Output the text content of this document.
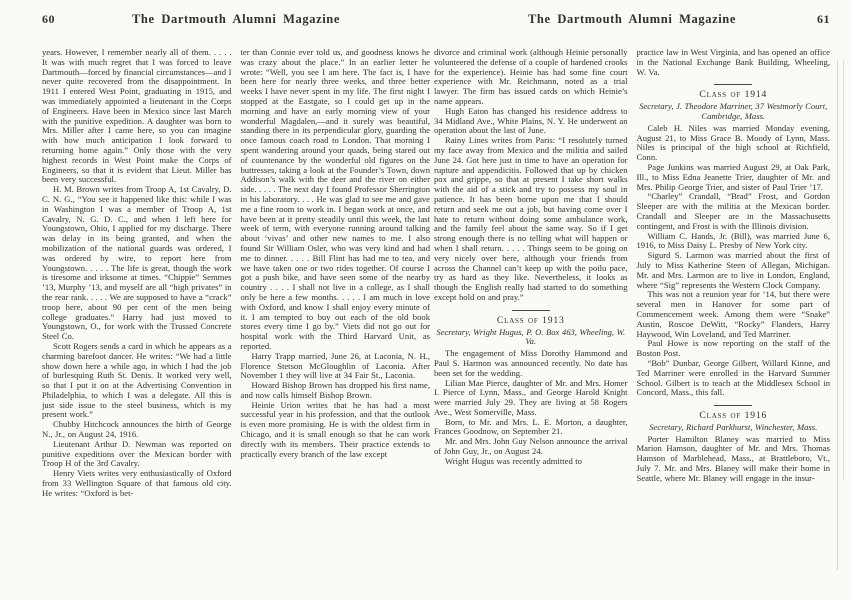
60	The Dartmouth Alumni Magazine

years. However, I remember nearly all of them. . . . . It was with much regret that I was forced to leave Dartmouth—forced by financial circumstances—and I never quite recovered from the disappointment. In 1911 I entered West Point, graduating in 1915, and was immediately appointed a lieutenant in the Corps of Engineers. Have been in Mexico since last March with the punitive expedition. A daughter was born to Mrs. Miller after I came here, so you can imagine with how much anticipation I look forward to returning home again.” Only those with the very highest records in West Point make the Corps of Engineers, so that it is evident that Lieut. Miller has been very successful.

H. M. Brown writes from Troop A, 1st Cavalry, D. C. N. G., “You see it happened like this: while I was in Washington I was a member of Troop A, 1st Cavalry, N. G. D. C., and when I left here for Youngstown, Ohio, I applied for my discharge. There was delay in its being granted, and when the mobilization of the national guards was ordered, I was ordered by wire, to report here from Youngstown. . . . . The life is great, though the work is tiresome and irksome at times. “Chippie” Semmes ’13, Murphy ’13, and myself are all “high privates” in the rear rank. . . . . We are supposed to have a “crack” troop here, about 90 per cent of the men being college graduates.” Harry had just moved to Youngstown, O., for work with the Trussed Concrete Steel Co.

Scott Rogers sends a card in which he appears as a charming barefoot dancer. He writes: “We had a little show down here a while ago, in which I had the job of burlesquing Ruth St. Denis. It worked very well, so that I put it on at the Advertising Convention in Philadelphia, to which I was a delegate. All this is just side issue to the steel business, which is my present work.”

Chubby Hitchcock announces the birth of George N., Jr., on August 24, 1916.

Lieutenant Arthur D. Newman was reported on punitive expeditions over the Mexican border with Troop H of the 3rd Cavalry.

Henry Viets writes very enthusiastically of Oxford from 33 Wellington Square of that famous old city. He writes: “Oxford is bet-

ter than Connie ever told us, and goodness knows he was crazy about the place.” In an earlier letter he wrote: “Well, you see I am here. The fact is, I have been here for nearly three weeks, and three better weeks I have never spent in my life. The first night I stopped at the Eastgate, so I could get up in the morning and have an early morning view of your wonderful Magdalen,—and it surely was beautiful, standing there in its perpendicular glory, guarding the once famous coach road to London. That morning I spent wandering around your quads, being stared out of countenance by the wonderful old figures on the buttresses, taking a look at the Founder’s Town, down Addison’s walk with the deer and the river on either side. . . . . The next day I found Professor Sherrington in his laboratory. . . . He was glad to see me and gave me a fine room to work in. I began work at once, and have been at it pretty steadily until this week, the last week of term, with everyone running around talking about ‘vivas’ and other new names to me. I also found Sir William Osler, who was very kind and had me to dinner. . . . . Bill Flint has had me to tea, and we have taken one or two rides together. Of course I got a push bike, and have seen some of the nearby country . . . . I shall not live in a college, as I shall only be here a few months. . . . . I am much in love with Oxford, and know I shall enjoy every minute of it. I am tempted to buy out each of the old book stores every time I go by.” Viets did not go out for hospital work with the Third Harvard Unit, as reported.

Harry Trapp married, June 26, at Laconia, N. H., Florence Stetson McGloughlin of Laconia. After November 1 they will live at 34 Fair St., Laconia.

Howard Bishop Brown has dropped his first name, and now calls himself Bishop Brown.

Heinie Urion writes that he has had a most successful year in his profession, and that the outlook is even more promising. He is with the oldest firm in Chicago, and it is small enough so that he can work directly with its members. Their practice extends to practically every branch of the law except

The Dartmouth Alumni Magazine	61

divorce and criminal work (although Heinie personally volunteered the defense of a couple of hardened crooks for the experience). Heinie has had some fine court experience with Mr. Reichmann, noted as a trial lawyer. The firm has issued cards on which Heinie’s name appears.

Hugh Eaton has changed his residence address to 34 Midland Ave., White Plains, N. Y. He underwent an operation about the last of June.

Rainy Lines writes from Paris: “I resolutely turned my face away from Mexico and the militia and sailed June 24. Got here just in time to have an operation for rupture and appendicitis. Followed that up by chicken pox and grippe, so that at present I take short walks with the aid of a stick and try to possess my soul in patience. It has been borne upon me that I should return and seek me out a job, but having come over I hate to return without doing some ambulance work, and the family feel about the same way. So if I get strong enough there is no telling what will happen or when I shall return. . . . . Things seem to be going on very nicely over here, although your friends from across the Channel can’t keep up with the poilu pace, try as hard as they like. Nevertheless, it looks as though the English really had started to do something except hold on and pray.”

Class of 1913

Secretary, Wright Hugus, P. O. Box 463, Wheeling, W. Va.

The engagement of Miss Dorothy Hammond and Paul S. Harmon was announced recently. No date has been set for the wedding.

Lilian Mae Pierce, daughter of Mr. and Mrs. Homer I. Pierce of Lynn, Mass., and George Harold Knight were married July 29. They are living at 58 Rogers Ave., West Somerville, Mass.

Born, to Mr. and Mrs. L. E. Morton, a daughter, Frances Goodnow, on September 21.

Mr. and Mrs. John Guy Nelson announce the arrival of John Guy, Jr., on August 24.

Wright Hugus was recently admitted to

practice law in West Virginia, and has opened an office in the National Exchange Bank Building, Wheeling, W. Va.

Class of 1914

Secretary, J. Theodore Marriner, 37 Westmorly Court, Cambridge, Mass.

Caleb H. Niles was married Monday evening, August 21, to Miss Grace B. Moody of Lynn, Mass. Niles is principal of the high school at Richfield, Conn.

Page Junkins was married August 29, at Oak Park, Ill., to Miss Edna Jeanette Trier, daughter of Mr. and Mrs. Philip George Trier, and sister of Paul Trier ’17.

“Charley” Crandall, “Brad” Frost, and Gordon Sleeper are with the militia at the Mexican border. Crandall and Sleeper are in the Massachusetts contingent, and Frost is with the Illinois division.

William C. Hands, Jr. (Bill), was married June 6, 1916, to Miss Daisy L. Presby of New York city.

Sigurd S. Larmon was married about the first of July to Miss Katherine Steen of Allegan, Michigan. Mr. and Mrs. Larmon are to live in London, England, where “Sig” represents the Western Clock Company.

This was not a reunion year for ’14, but there were several men in Hanover for some part of Commencement week. Among them were “Snake” Austin, Roscoe DeWitt, “Rocky” Flanders, Harry Haywood, Win Loveland, and Ted Marriner.

Paul Howe is now reporting on the staff of the Boston Post.

“Bob” Dunbar, George Gilbert, Willard Kinne, and Ted Marriner were enrolled in the Harvard Summer School. Gilbert is to teach at the Middlesex School in Concord, Mass., this fall.

Class of 1916

Secretary, Richard Parkhurst, Winchester, Mass.

Porter Hamilton Blaney was married to Miss Marion Hamson, daughter of Mr. and Mrs. Thomas Hamson of Marblehead, Mass., at Brattleboro, Vt., July 7. Mr. and Mrs. Blaney will make their home in Seattle, where Mr. Blaney will engage in the insur-
